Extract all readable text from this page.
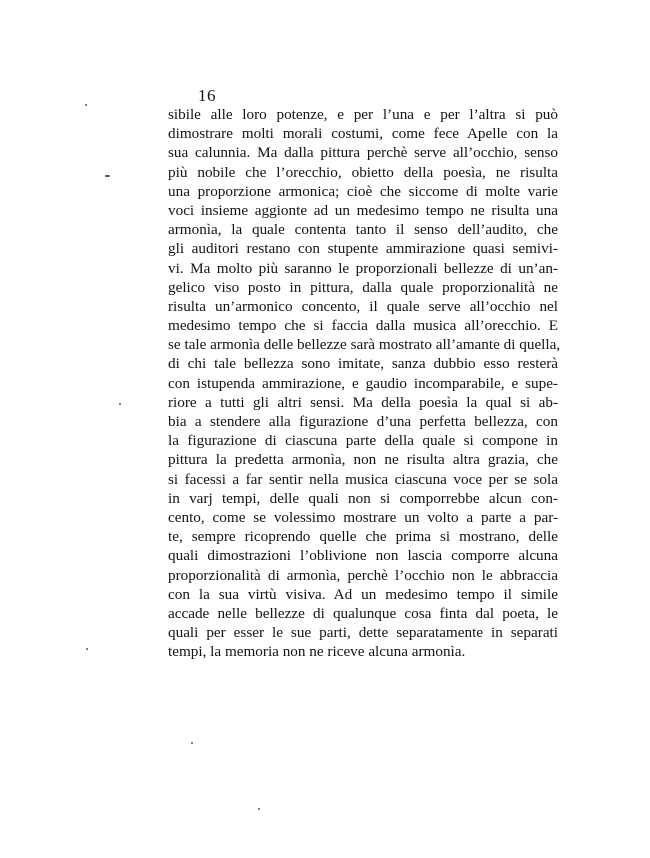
16
sibile alle loro potenze, e per l’una e per l’altra si può
dimostrare molti morali costumi, come fece Apelle con la
sua calunnia. Ma dalla pittura perchè serve all’occhio, senso
più nobile che l’orecchio, obietto della poesìa, ne risulta
una proporzione armonica; cioè che siccome di molte varie
voci insieme aggionte ad un medesimo tempo ne risulta una
armonìa, la quale contenta tanto il senso dell’audito, che
gli auditori restano con stupente ammirazione quasi semivi-
vi. Ma molto più saranno le proporzionali bellezze di un’an-
gelico viso posto in pittura, dalla quale proporzionalità ne
risulta un’armonico concento, il quale serve all’occhio nel
medesimo tempo che si faccia dalla musica all’orecchio. E
se tale armonìa delle bellezze sarà mostrato all’amante di quella,
di chi tale bellezza sono imitate, sanza dubbio esso resterà
con istupenda ammirazione, e gaudio incomparabile, e supe-
riore a tutti gli altri sensi. Ma della poesìa la qual si ab-
bia a stendere alla figurazione d’una perfetta bellezza, con
la figurazione di ciascuna parte della quale si compone in
pittura la predetta armonìa, non ne risulta altra grazia, che
si facessi a far sentir nella musica ciascuna voce per se sola
in varj tempi, delle quali non si comporrebbe alcun con-
cento, come se volessimo mostrare un volto a parte a par-
te, sempre ricoprendo quelle che prima si mostrano, delle
quali dimostrazioni l’oblivione non lascia comporre alcuna
proporzionalità di armonìa, perchè l’occhio non le abbraccia
con la sua virtù visiva. Ad un medesimo tempo il simile
accade nelle bellezze di qualunque cosa finta dal poeta, le
quali per esser le sue parti, dette separatamente in separati
tempi, la memoria non ne riceve alcuna armonìa.
